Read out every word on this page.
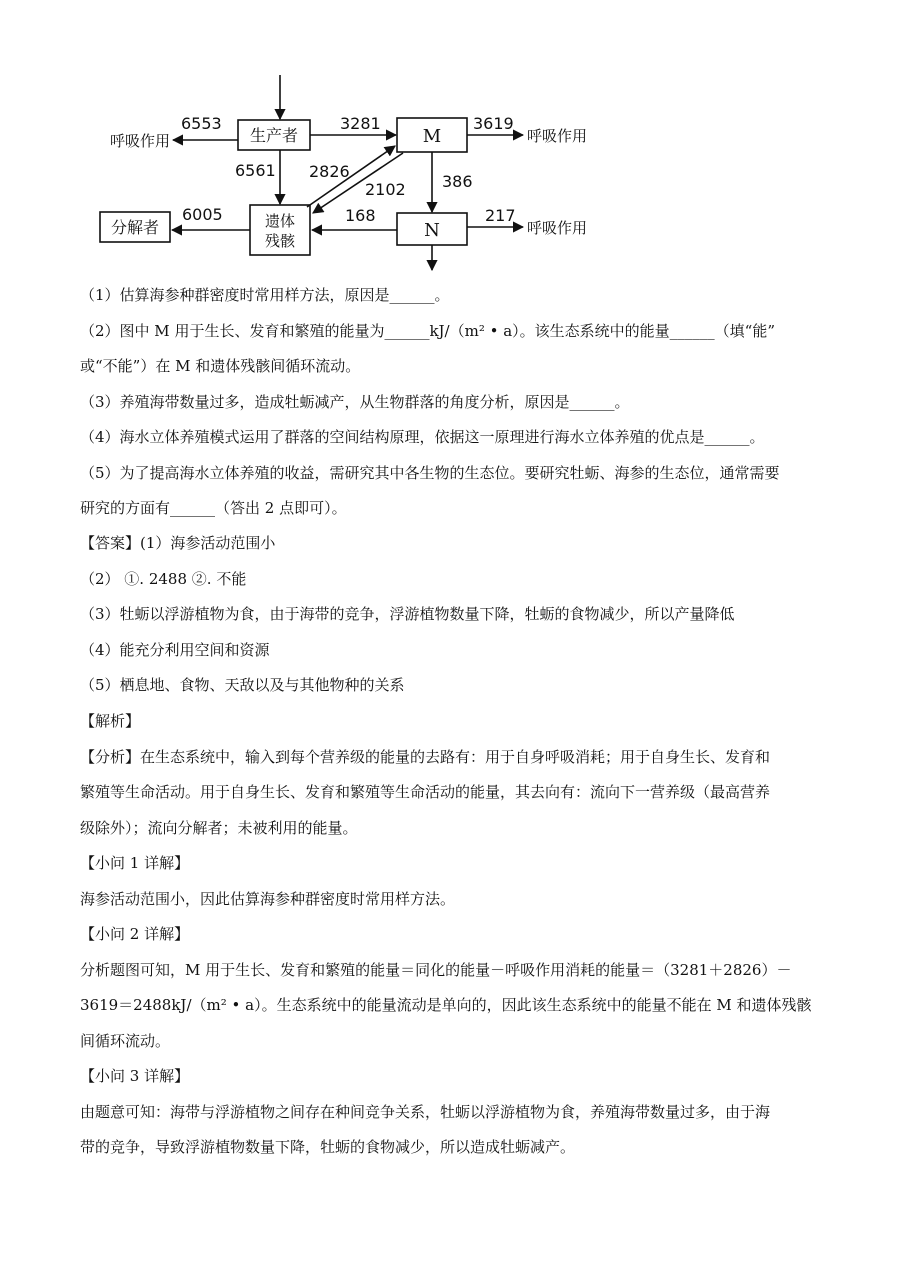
生产者	M
N
遗体
残骸
分解者
呼吸作用	呼吸作用
呼吸作用
6553	3281	3619
6561 2826
2102 386
6005	168	217
（1）估算海参种群密度时常用样方法，原因是______。
（2）图中 M 用于生长、发育和繁殖的能量为______kJ/（m² • a）。该生态系统中的能量______（填“能”
或“不能”）在 M 和遗体残骸间循环流动。
（3）养殖海带数量过多，造成牡蛎减产，从生物群落的角度分析，原因是______。
（4）海水立体养殖模式运用了群落的空间结构原理，依据这一原理进行海水立体养殖的优点是______。
（5）为了提高海水立体养殖的收益，需研究其中各生物的生态位。要研究牡蛎、海参的生态位，通常需要
研究的方面有______（答出 2 点即可）。
【答案】(1）海参活动范围小
（2） ①. 2488 ②. 不能
（3）牡蛎以浮游植物为食，由于海带的竞争，浮游植物数量下降，牡蛎的食物减少，所以产量降低
（4）能充分利用空间和资源
（5）栖息地、食物、天敌以及与其他物种的关系
【解析】
【分析】在生态系统中，输入到每个营养级的能量的去路有：用于自身呼吸消耗；用于自身生长、发育和
繁殖等生命活动。用于自身生长、发育和繁殖等生命活动的能量，其去向有：流向下一营养级（最高营养
级除外）；流向分解者；未被利用的能量。
【小问 1 详解】
海参活动范围小，因此估算海参种群密度时常用样方法。
【小问 2 详解】
分析题图可知，M 用于生长、发育和繁殖的能量＝同化的能量－呼吸作用消耗的能量＝（3281＋2826）－
3619＝2488kJ/（m² • a）。生态系统中的能量流动是单向的，因此该生态系统中的能量不能在 M 和遗体残骸
间循环流动。
【小问 3 详解】
由题意可知：海带与浮游植物之间存在种间竞争关系，牡蛎以浮游植物为食，养殖海带数量过多，由于海
带的竞争，导致浮游植物数量下降，牡蛎的食物减少，所以造成牡蛎减产。
